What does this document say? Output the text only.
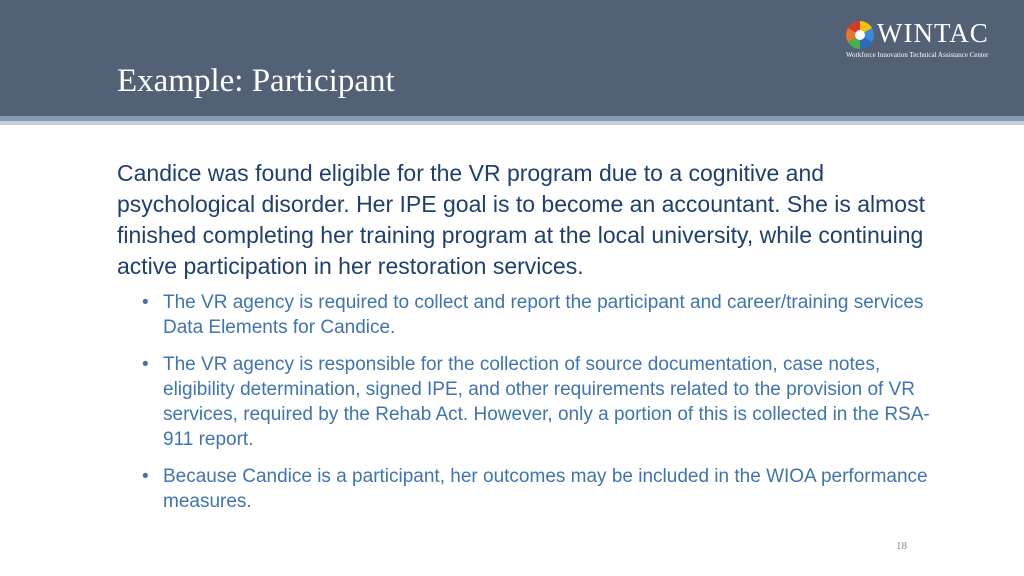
Example: Participant
WINTAC
Workforce Innovation Technical Assistance Center

Candice was found eligible for the VR program due to a cognitive and psychological disorder. Her IPE goal is to become an accountant. She is almost finished completing her training program at the local university, while continuing active participation in her restoration services.

• The VR agency is required to collect and report the participant and career/training services Data Elements for Candice.
• The VR agency is responsible for the collection of source documentation, case notes, eligibility determination, signed IPE, and other requirements related to the provision of VR services, required by the Rehab Act. However, only a portion of this is collected in the RSA-911 report.
• Because Candice is a participant, her outcomes may be included in the WIOA performance measures.
18
